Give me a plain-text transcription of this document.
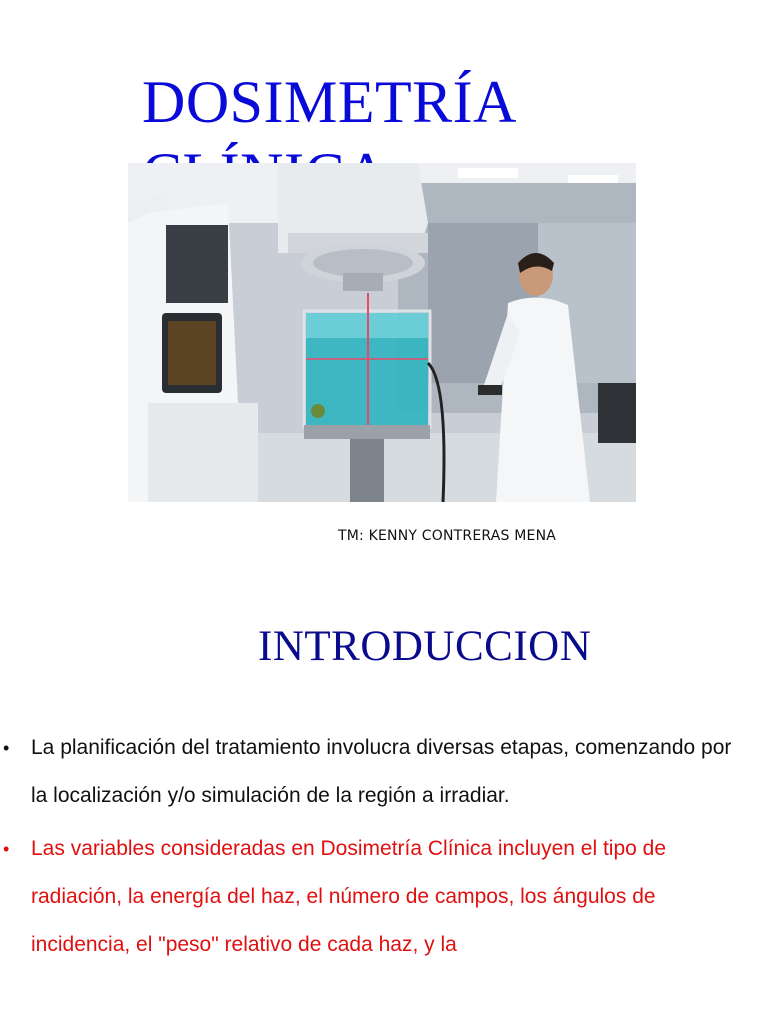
DOSIMETRÍA
TM: KENNY CONTRERAS MENA
INTRODUCCION
• La planificación del tratamiento involucra diversas etapas, comenzando por la localización y/o simulación de la región a irradiar.
• Las variables consideradas en Dosimetría Clínica incluyen el tipo de radiación, la energía del haz, el número de campos, los ángulos de incidencia, el "peso" relativo de cada haz, y la
